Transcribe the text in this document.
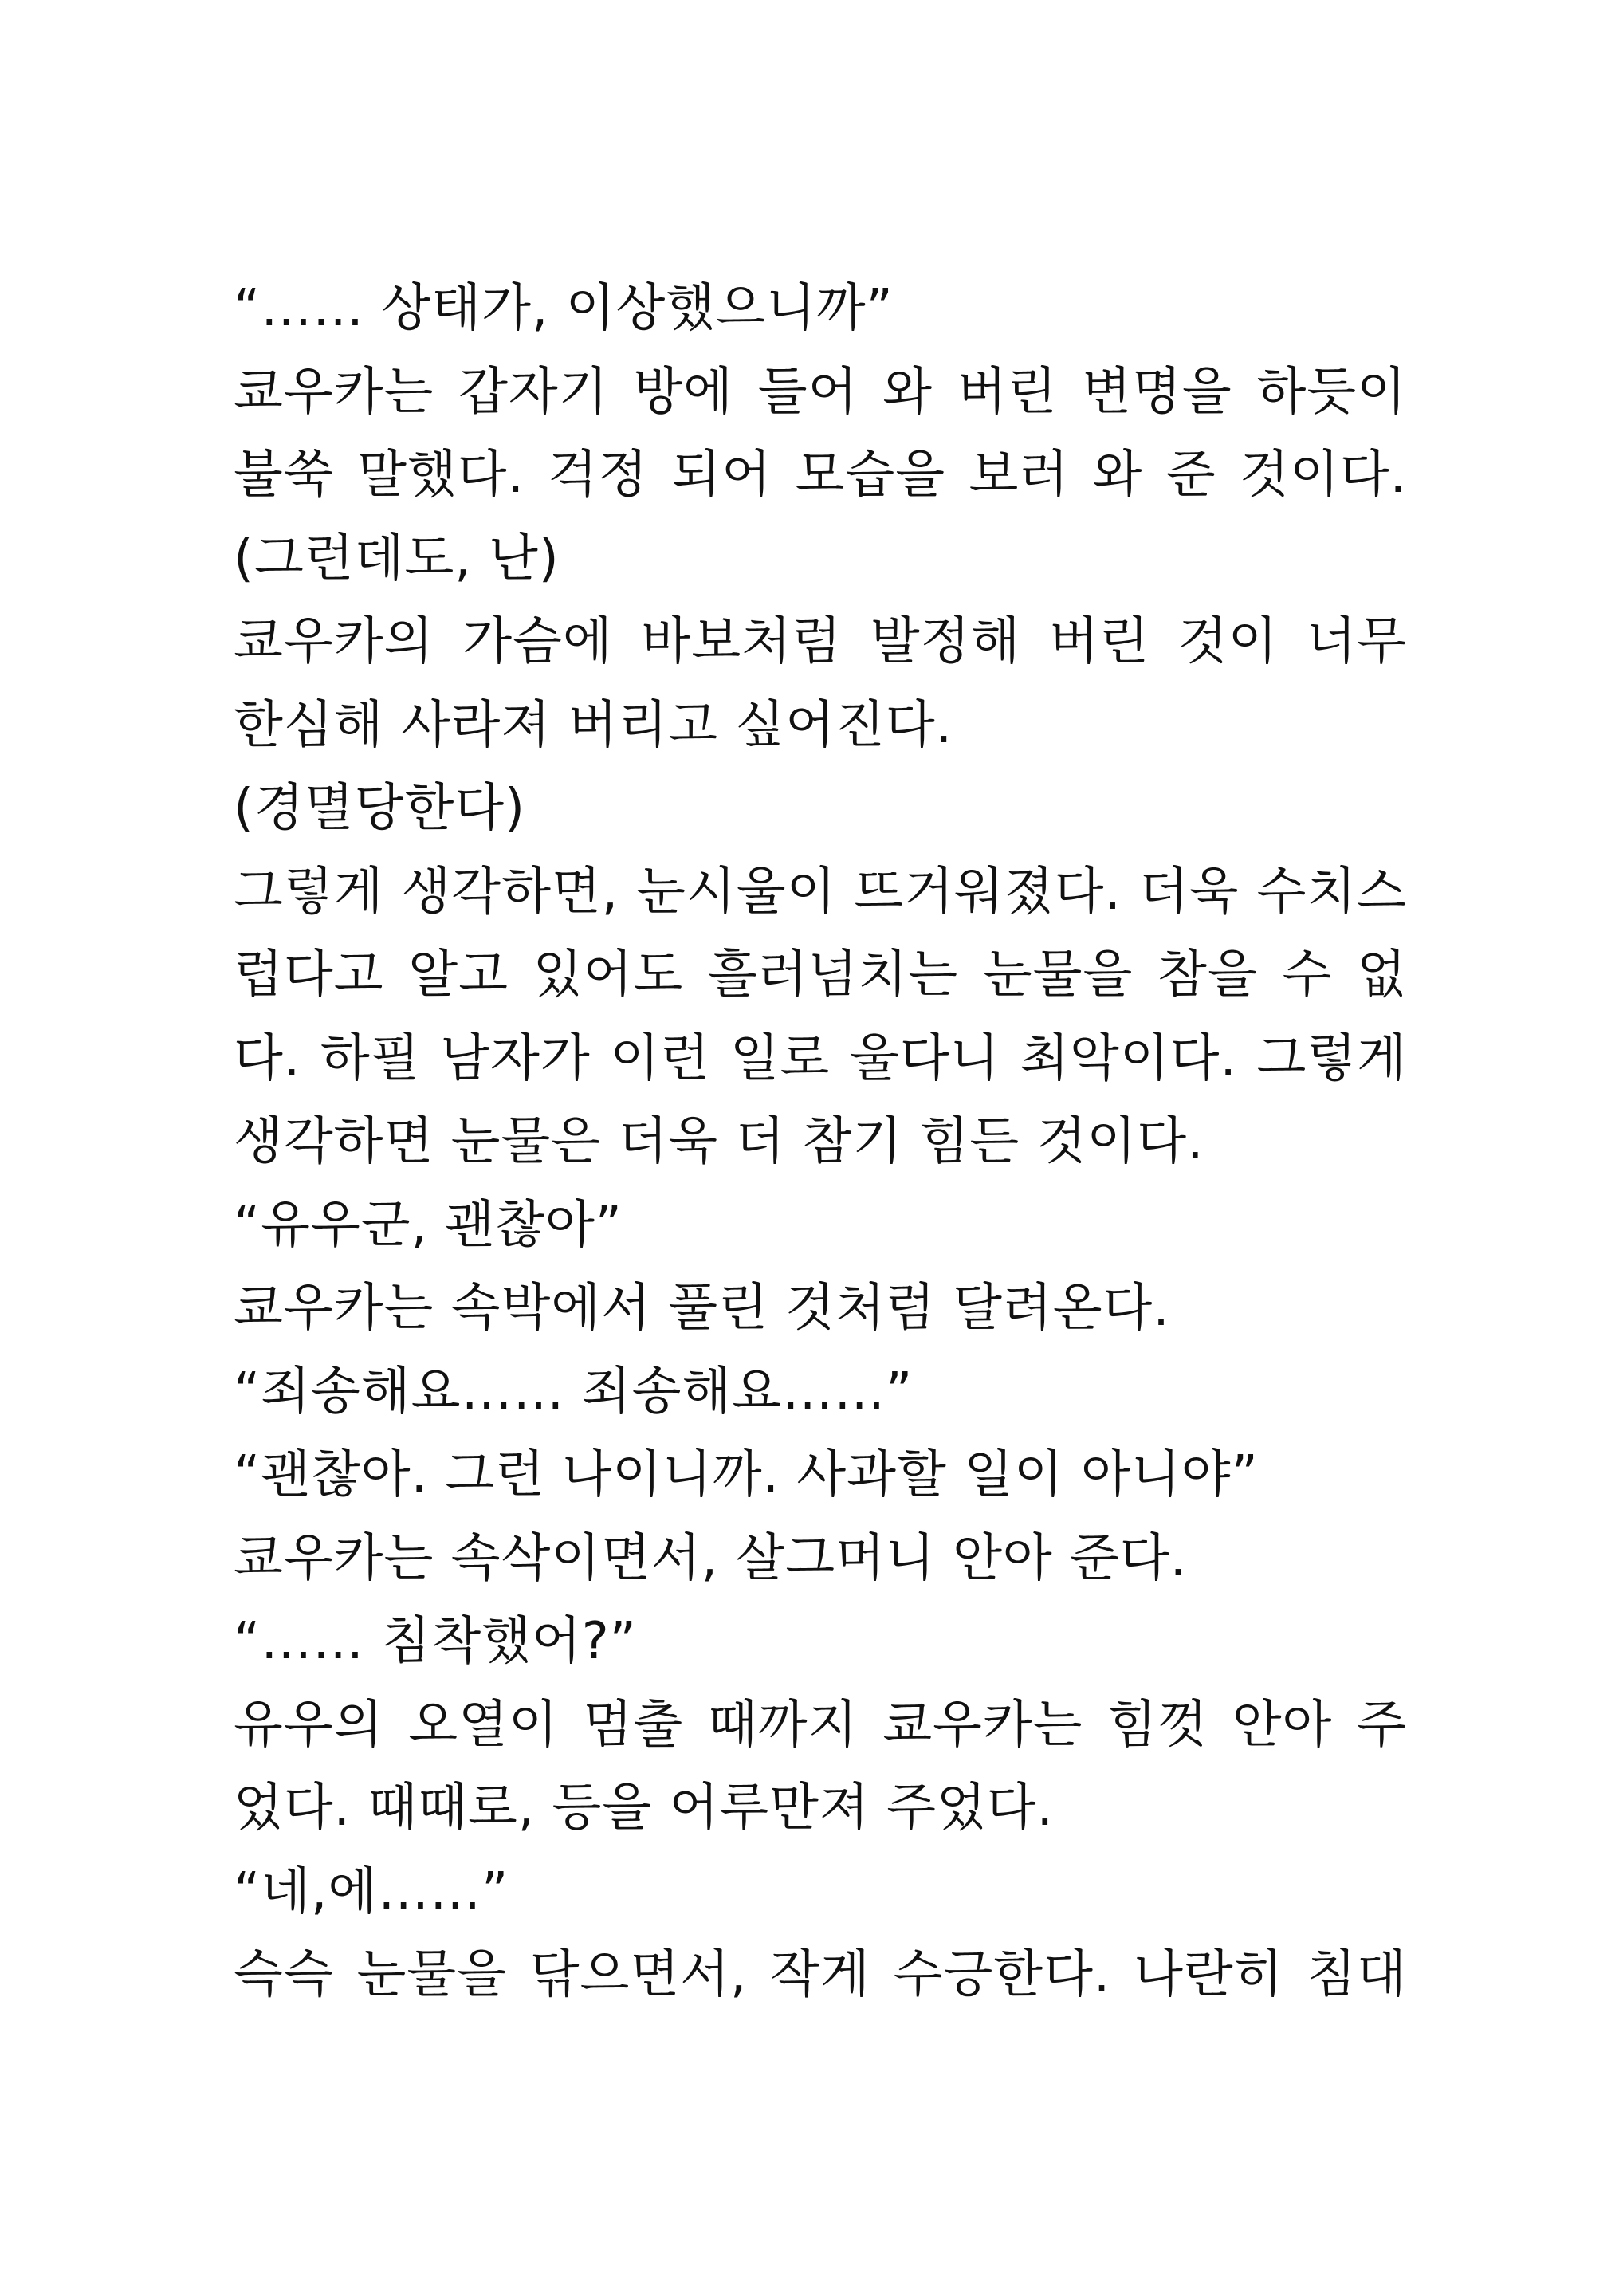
“…… 상태가, 이상했으니까”
쿄우카는 갑자기 방에 들어 와 버린 변명을 하듯이
불쑥 말했다. 걱정 되어 모습을 보러 와 준 것이다.
(그런데도, 난)
쿄우카의 가슴에 바보처럼 발정해 버린 것이 너무
한심해 사라져 버리고 싶어진다.
(경멸당한다)
그렇게 생각하면, 눈시울이 뜨거워졌다. 더욱 수치스
럽다고 알고 있어도 흘러넘치는 눈물을 참을 수 없
다. 하필 남자가 이런 일로 울다니 최악이다. 그렇게
생각하면 눈물은 더욱 더 참기 힘든 것이다.
“유우군, 괜찮아”
쿄우카는 속박에서 풀린 것처럼 달려온다.
“죄송해요…… 죄송해요……”
“괜찮아. 그런 나이니까. 사과할 일이 아니야”
쿄우카는 속삭이면서, 살그머니 안아 준다.
“…… 침착했어?”
유우의 오열이 멈출 때까지 쿄우카는 힘껏 안아 주
었다. 때때로, 등을 어루만져 주었다.
“네,에……”
슥슥 눈물을 닦으면서, 작게 수긍한다. 나란히 침대
